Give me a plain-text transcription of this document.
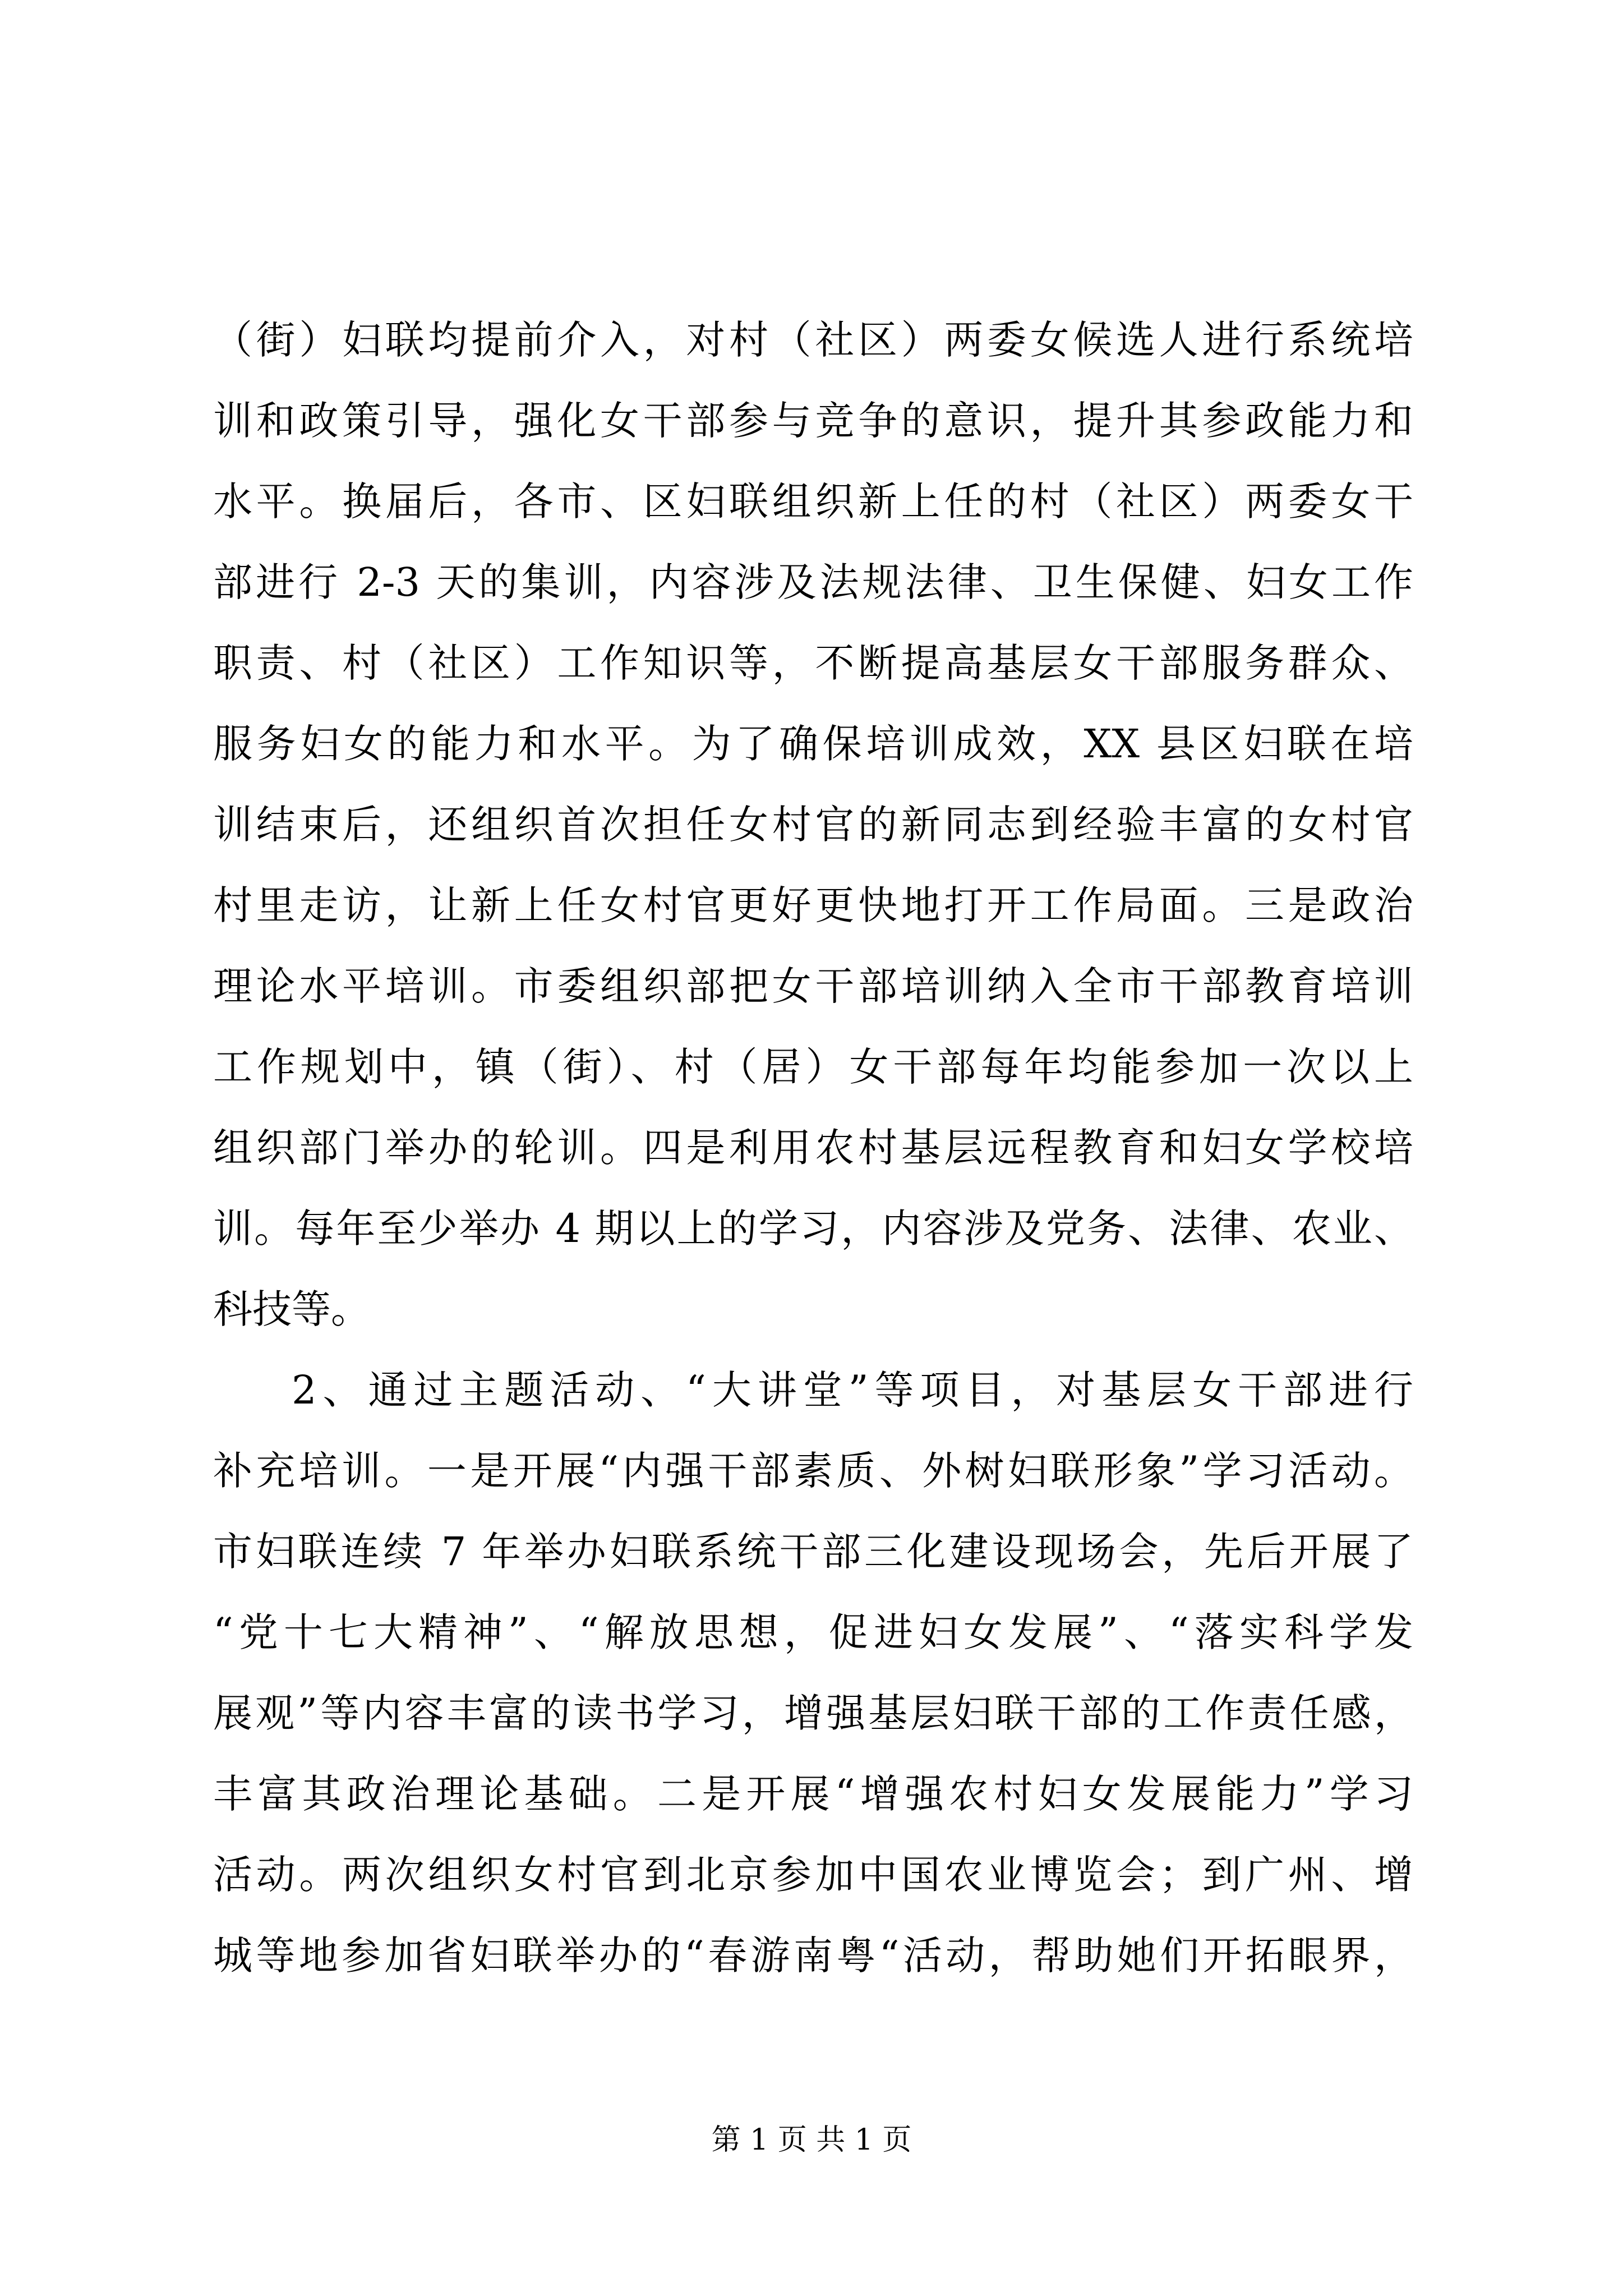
（街）妇联均提前介入，对村（社区）两委女候选人进行系统培
训和政策引导，强化女干部参与竞争的意识，提升其参政能力和
水平。换届后，各市、区妇联组织新上任的村（社区）两委女干
部进行 2-3 天的集训，内容涉及法规法律、卫生保健、妇女工作
职责、村（社区）工作知识等，不断提高基层女干部服务群众、
服务妇女的能力和水平。为了确保培训成效，XX 县区妇联在培
训结束后，还组织首次担任女村官的新同志到经验丰富的女村官
村里走访，让新上任女村官更好更快地打开工作局面。三是政治
理论水平培训。市委组织部把女干部培训纳入全市干部教育培训
工作规划中，镇（街）、村（居）女干部每年均能参加一次以上
组织部门举办的轮训。四是利用农村基层远程教育和妇女学校培
训。每年至少举办 4 期以上的学习，内容涉及党务、法律、农业、
科技等。
2、通过主题活动、“大讲堂”等项目，对基层女干部进行
补充培训。一是开展“内强干部素质、外树妇联形象”学习活动。
市妇联连续 7 年举办妇联系统干部三化建设现场会，先后开展了
“党十七大精神”、“解放思想，促进妇女发展”、“落实科学发
展观”等内容丰富的读书学习，增强基层妇联干部的工作责任感，
丰富其政治理论基础。二是开展“增强农村妇女发展能力”学习
活动。两次组织女村官到北京参加中国农业博览会；到广州、增
城等地参加省妇联举办的“春游南粤“活动，帮助她们开拓眼界，
第 1 页 共 1 页
